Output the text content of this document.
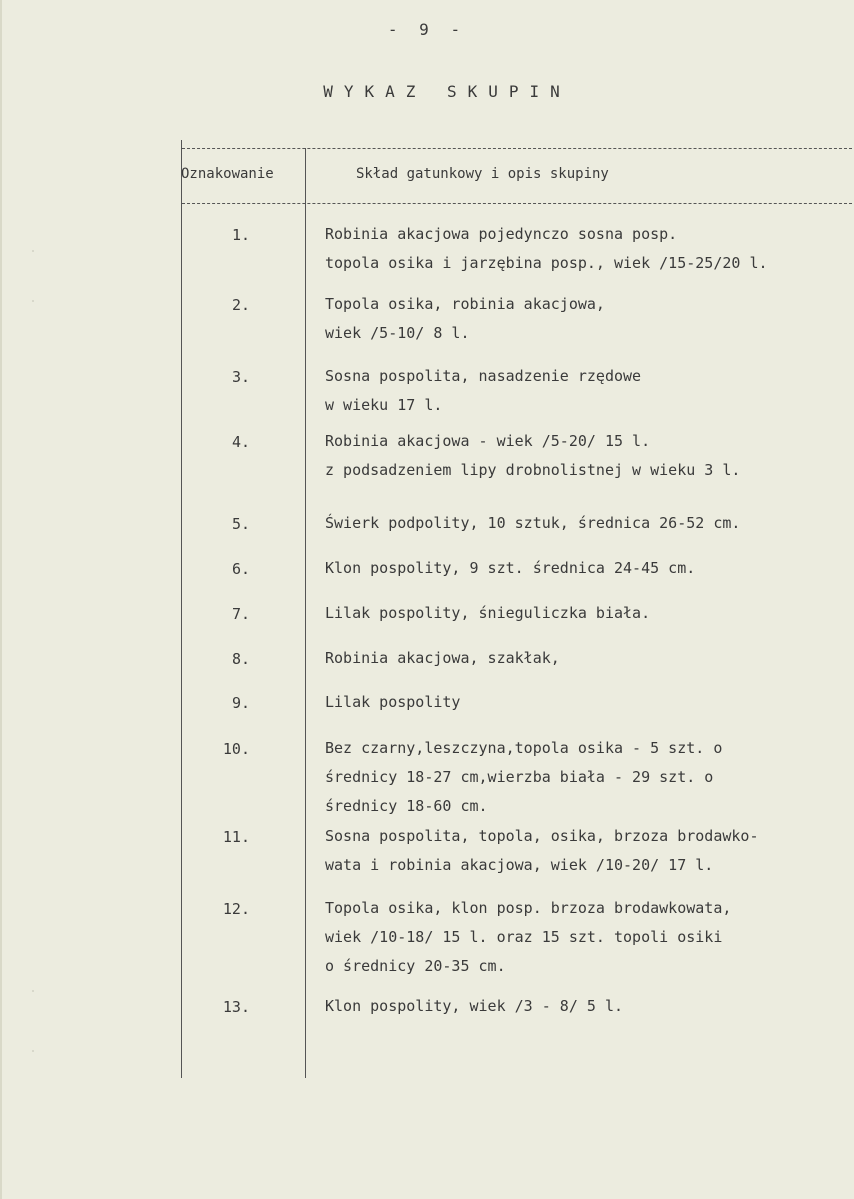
- 9 -
WYKAZ SKUPIN
Oznakowanie	Skład gatunkowy i opis skupiny
1.	Robinia akacjowa pojedynczo sosna posp.
topola osika i jarzębina posp., wiek /15-25/20 l.
2.	Topola osika, robinia akacjowa,
wiek /5-10/ 8 l.
3.	Sosna pospolita, nasadzenie rzędowe
w wieku 17 l.
4.	Robinia akacjowa - wiek /5-20/ 15 l.
z podsadzeniem lipy drobnolistnej w wieku 3 l.
5.	Świerk podpolity, 10 sztuk, średnica 26-52 cm.
6.	Klon pospolity, 9 szt. średnica 24-45 cm.
7.	Lilak pospolity, śnieguliczka biała.
8.	Robinia akacjowa, szakłak,
9.	Lilak pospolity
10.	Bez czarny,leszczyna,topola osika - 5 szt. o
średnicy 18-27 cm,wierzba biała - 29 szt. o
średnicy 18-60 cm.
11.	Sosna pospolita, topola, osika, brzoza brodawko-
wata i robinia akacjowa, wiek /10-20/ 17 l.
12.	Topola osika, klon posp. brzoza brodawkowata,
wiek /10-18/ 15 l. oraz 15 szt. topoli osiki
o średnicy 20-35 cm.
13.	Klon pospolity, wiek /3 - 8/ 5 l.
˙
˙
˙
˙
